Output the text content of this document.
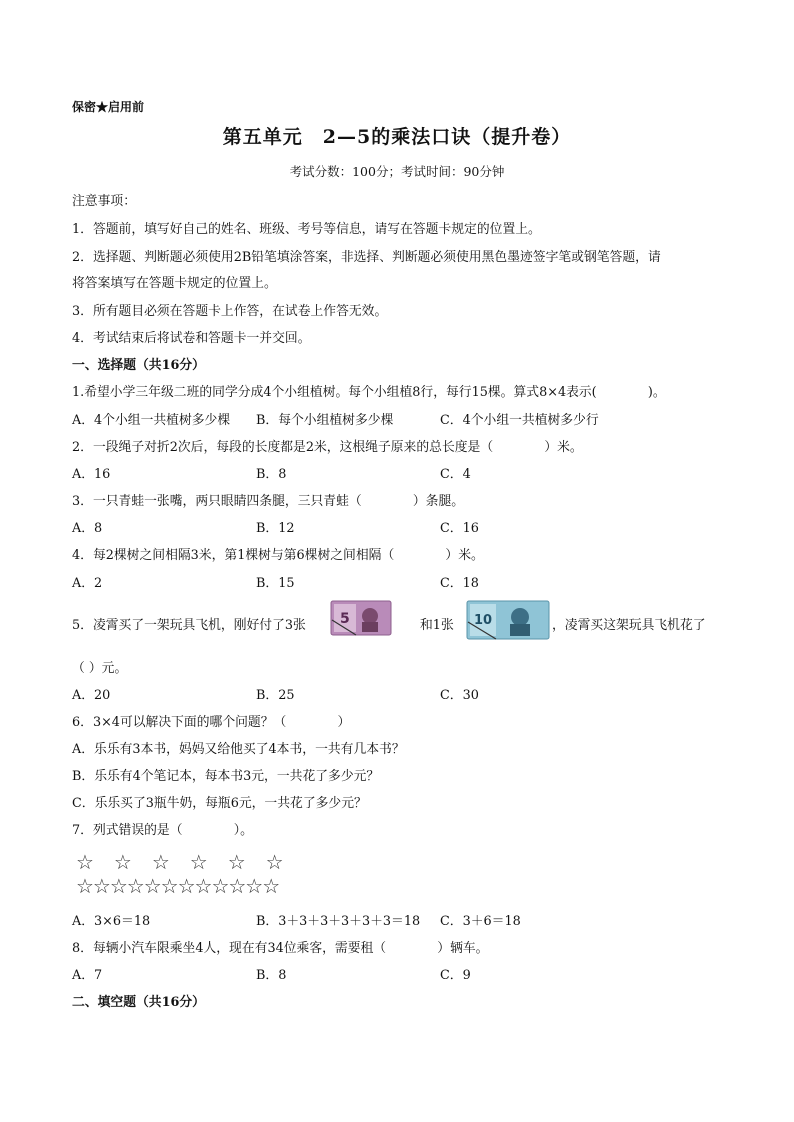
保密★启用前
第五单元　2—5的乘法口诀（提升卷）
考试分数：100分；考试时间：90分钟
注意事项：
1．答题前，填写好自己的姓名、班级、考号等信息，请写在答题卡规定的位置上。
2．选择题、判断题必须使用2B铅笔填涂答案，非选择、判断题必须使用黑色墨迹签字笔或钢笔答题，请
将答案填写在答题卡规定的位置上。
3．所有题目必须在答题卡上作答，在试卷上作答无效。
4．考试结束后将试卷和答题卡一并交回。
一、选择题（共16分）
1.希望小学三年级二班的同学分成4个小组植树。每个小组植8行，每行15棵。算式8×4表示(　　　　)。
A．4个小组一共植树多少棵 B．每个小组植树多少棵	C．4个小组一共植树多少行
2．一段绳子对折2次后，每段的长度都是2米，这根绳子原来的总长度是（　　　　）米。
A．16	B．8	C．4
3．一只青蛙一张嘴，两只眼睛四条腿，三只青蛙（　　　　）条腿。
A．8	B．12	C．16
4．每2棵树之间相隔3米，第1棵树与第6棵树之间相隔（　　　　）米。
A．2	B．15	C．18
5．凌霄买了一架玩具飞机，刚好付了3张 5	和1张 10	，凌霄买这架玩具飞机花了
（ ）元。
A．20	B．25	C．30
6．3×4可以解决下面的哪个问题？（　　　　）
A．乐乐有3本书，妈妈又给他买了4本书，一共有几本书？
B．乐乐有4个笔记本，每本书3元，一共花了多少元？
C．乐乐买了3瓶牛奶，每瓶6元，一共花了多少元？
7．列式错误的是（　　　　）。
☆　☆　☆　☆　☆　☆
☆☆☆☆☆☆☆☆☆☆☆☆
A．3×6＝18	B．3＋3＋3＋3＋3＋3＝18 C．3＋6＝18
8．每辆小汽车限乘坐4人，现在有34位乘客，需要租（　　　　）辆车。
A．7	B．8	C．9
二、填空题（共16分）
